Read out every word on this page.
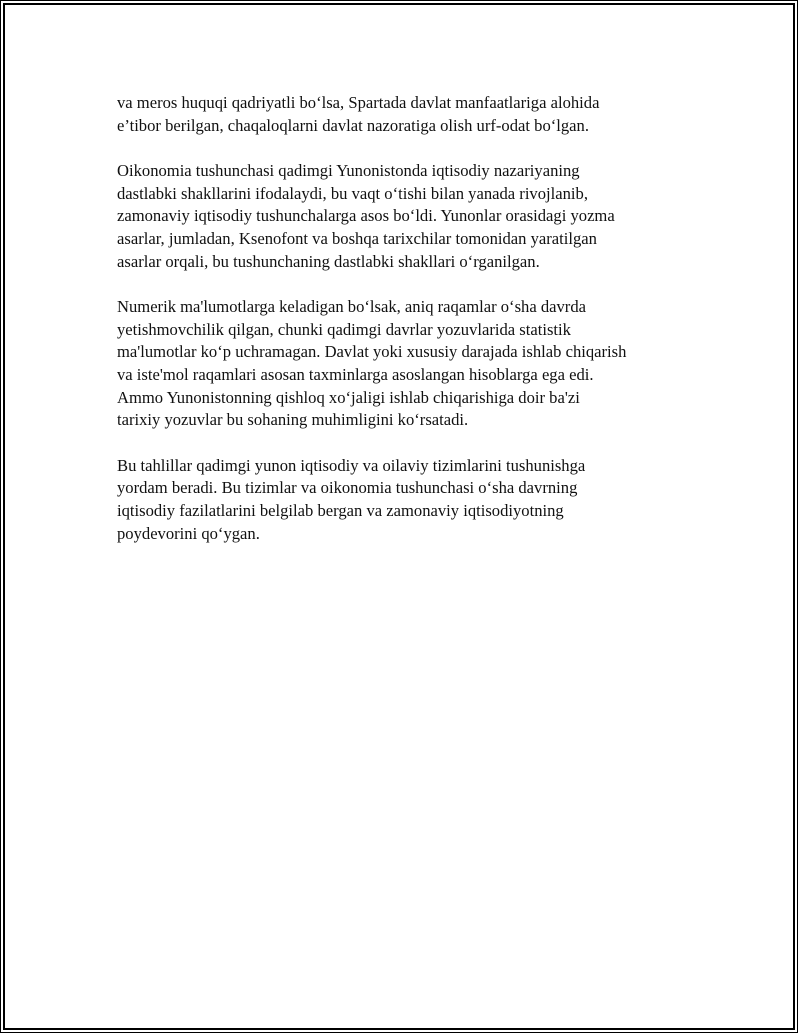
va meros huquqi qadriyatli bo‘lsa, Spartada davlat manfaatlariga alohida
e’tibor berilgan, chaqaloqlarni davlat nazoratiga olish urf-odat bo‘lgan.

Oikonomia tushunchasi qadimgi Yunonistonda iqtisodiy nazariyaning
dastlabki shakllarini ifodalaydi, bu vaqt o‘tishi bilan yanada rivojlanib,
zamonaviy iqtisodiy tushunchalarga asos bo‘ldi. Yunonlar orasidagi yozma
asarlar, jumladan, Ksenofont va boshqa tarixchilar tomonidan yaratilgan
asarlar orqali, bu tushunchaning dastlabki shakllari o‘rganilgan.

Numerik ma'lumotlarga keladigan bo‘lsak, aniq raqamlar o‘sha davrda
yetishmovchilik qilgan, chunki qadimgi davrlar yozuvlarida statistik
ma'lumotlar ko‘p uchramagan. Davlat yoki xususiy darajada ishlab chiqarish
va iste'mol raqamlari asosan taxminlarga asoslangan hisoblarga ega edi.
Ammo Yunonistonning qishloq xo‘jaligi ishlab chiqarishiga doir ba'zi
tarixiy yozuvlar bu sohaning muhimligini ko‘rsatadi.

Bu tahlillar qadimgi yunon iqtisodiy va oilaviy tizimlarini tushunishga
yordam beradi. Bu tizimlar va oikonomia tushunchasi o‘sha davrning
iqtisodiy fazilatlarini belgilab bergan va zamonaviy iqtisodiyotning
poydevorini qo‘ygan.
